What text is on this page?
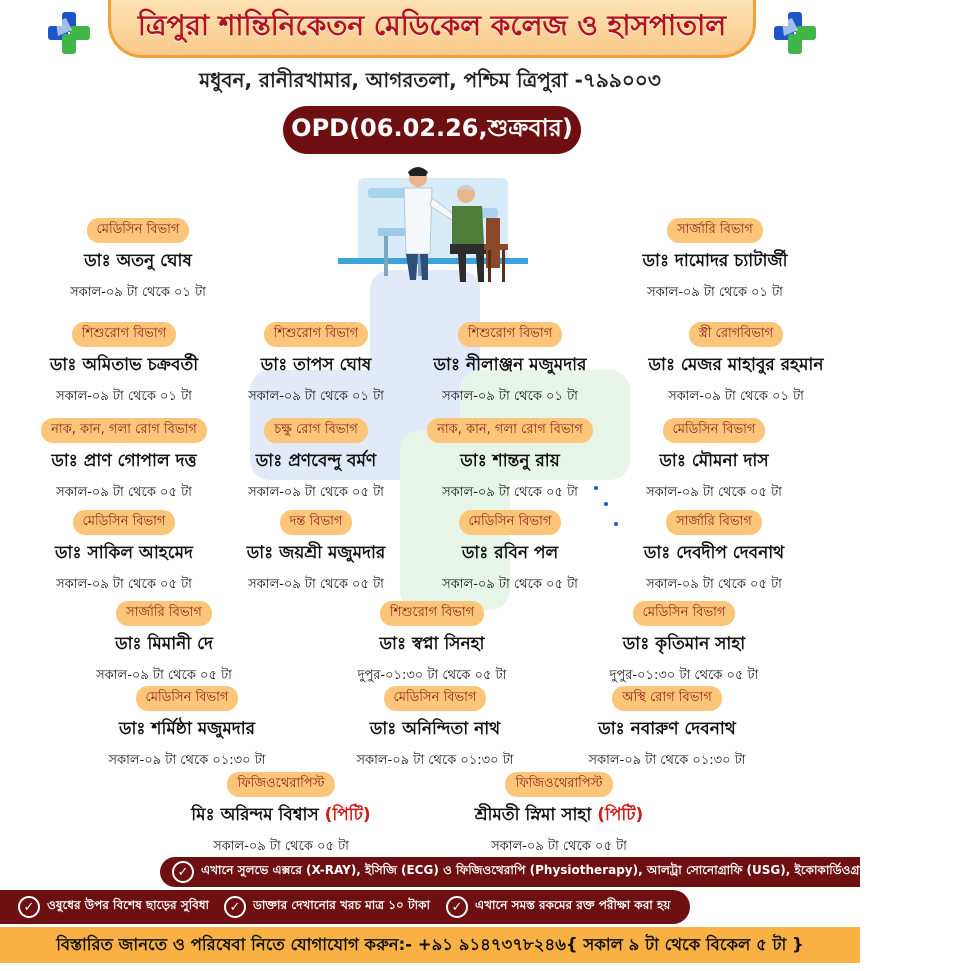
ত্রিপুরা শান্তিনিকেতন মেডিকেল কলেজ ও হাসপাতাল
মধুবন, রানীরখামার, আগরতলা, পশ্চিম ত্রিপুরা -৭৯৯০০৩
OPD(06.02.26,শুক্রবার)
মেডিসিন বিভাগ
ডাঃ অতনু ঘোষ
সকাল-০৯ টা থেকে ০১ টা
সার্জারি বিভাগ
ডাঃ দামোদর চ্যাটার্জী
সকাল-০৯ টা থেকে ০১ টা
শিশুরোগ বিভাগ
ডাঃ অমিতাভ চক্রবর্তী
সকাল-০৯ টা থেকে ০১ টা
শিশুরোগ বিভাগ
ডাঃ তাপস ঘোষ
সকাল-০৯ টা থেকে ০১ টা
শিশুরোগ বিভাগ
ডাঃ নীলাঞ্জন মজুমদার
সকাল-০৯ টা থেকে ০১ টা
স্ত্রী রোগবিভাগ
ডাঃ মেজর মাহাবুর রহমান
সকাল-০৯ টা থেকে ০১ টা
নাক, কান, গলা রোগ বিভাগ
ডাঃ প্রাণ গোপাল দত্ত
সকাল-০৯ টা থেকে ০৫ টা
চক্ষু রোগ বিভাগ
ডাঃ প্রণবেন্দু বর্মণ
সকাল-০৯ টা থেকে ০৫ টা
নাক, কান, গলা রোগ বিভাগ
ডাঃ শান্তনু রায়
সকাল-০৯ টা থেকে ০৫ টা
মেডিসিন বিভাগ
ডাঃ মৌমনা দাস
সকাল-০৯ টা থেকে ০৫ টা
মেডিসিন বিভাগ
ডাঃ সাকিল আহমেদ
সকাল-০৯ টা থেকে ০৫ টা
দন্ত বিভাগ
ডাঃ জয়শ্রী মজুমদার
সকাল-০৯ টা থেকে ০৫ টা
মেডিসিন বিভাগ
ডাঃ রবিন পল
সকাল-০৯ টা থেকে ০৫ টা
সার্জারি বিভাগ
ডাঃ দেবদীপ দেবনাথ
সকাল-০৯ টা থেকে ০৫ টা
সার্জারি বিভাগ
ডাঃ মিমানী দে
সকাল-০৯ টা থেকে ০৫ টা
শিশুরোগ বিভাগ
ডাঃ স্বপ্না সিনহা
দুপুর-০১:৩০ টা থেকে ০৫ টা
মেডিসিন বিভাগ
ডাঃ কৃতিমান সাহা
দুপুর-০১:৩০ টা থেকে ০৫ টা
মেডিসিন বিভাগ
ডাঃ শর্মিষ্ঠা মজুমদার
সকাল-০৯ টা থেকে ০১:৩০ টা
মেডিসিন বিভাগ
ডাঃ অনিন্দিতা নাথ
সকাল-০৯ টা থেকে ০১:৩০ টা
অস্থি রোগ বিভাগ
ডাঃ নবারুণ দেবনাথ
সকাল-০৯ টা থেকে ০১:৩০ টা
ফিজিওথেরাপিস্ট
মিঃ অরিন্দম বিশ্বাস (পিটি)
সকাল-০৯ টা থেকে ০৫ টা
ফিজিওথেরাপিস্ট
শ্রীমতী স্নিমা সাহা (পিটি)
সকাল-০৯ টা থেকে ০৫ টা
✓	এখানে সুলভে এক্সরে (X-RAY), ইসিজি (ECG) ও ফিজিওথেরাপি (Physiotherapy), আলট্রা সোনোগ্রাফি (USG), ইকোকার্ডিওগ্রাফি (ECO) করা হয়
✓	ওষুধের উপর বিশেষ ছাড়ের সুবিধা	✓	ডাক্তার দেখানোর খরচ মাত্র ১০ টাকা	✓	এখানে সমস্ত রকমের রক্ত পরীক্ষা করা হয়
বিস্তারিত জানতে ও পরিষেবা নিতে যোগাযোগ করুন:- +৯১ ৯১৪৭৩৭৮২৪৬{ সকাল ৯ টা থেকে বিকেল ৫ টা }
